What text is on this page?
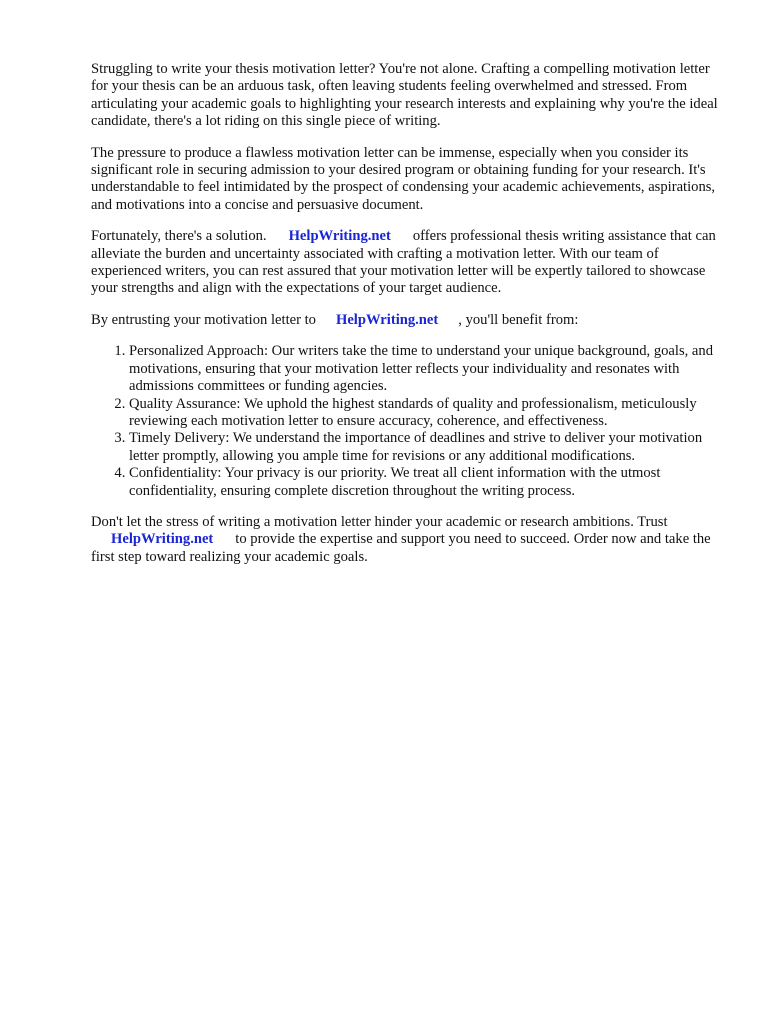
Struggling to write your thesis motivation letter? You're not alone. Crafting a compelling motivation letter for your thesis can be an arduous task, often leaving students feeling overwhelmed and stressed. From articulating your academic goals to highlighting your research interests and explaining why you're the ideal candidate, there's a lot riding on this single piece of writing.

The pressure to produce a flawless motivation letter can be immense, especially when you consider its significant role in securing admission to your desired program or obtaining funding for your research. It's understandable to feel intimidated by the prospect of condensing your academic achievements, aspirations, and motivations into a concise and persuasive document.

Fortunately, there's a solution. HelpWriting.net offers professional thesis writing assistance that can alleviate the burden and uncertainty associated with crafting a motivation letter. With our team of experienced writers, you can rest assured that your motivation letter will be expertly tailored to showcase your strengths and align with the expectations of your target audience.

By entrusting your motivation letter to HelpWriting.net , you'll benefit from:

1. Personalized Approach: Our writers take the time to understand your unique background, goals, and motivations, ensuring that your motivation letter reflects your individuality and resonates with admissions committees or funding agencies.
2. Quality Assurance: We uphold the highest standards of quality and professionalism, meticulously reviewing each motivation letter to ensure accuracy, coherence, and effectiveness.
3. Timely Delivery: We understand the importance of deadlines and strive to deliver your motivation letter promptly, allowing you ample time for revisions or any additional modifications.
4. Confidentiality: Your privacy is our priority. We treat all client information with the utmost confidentiality, ensuring complete discretion throughout the writing process.

Don't let the stress of writing a motivation letter hinder your academic or research ambitions. Trust
HelpWriting.net to provide the expertise and support you need to succeed. Order now and take the first step toward realizing your academic goals.
